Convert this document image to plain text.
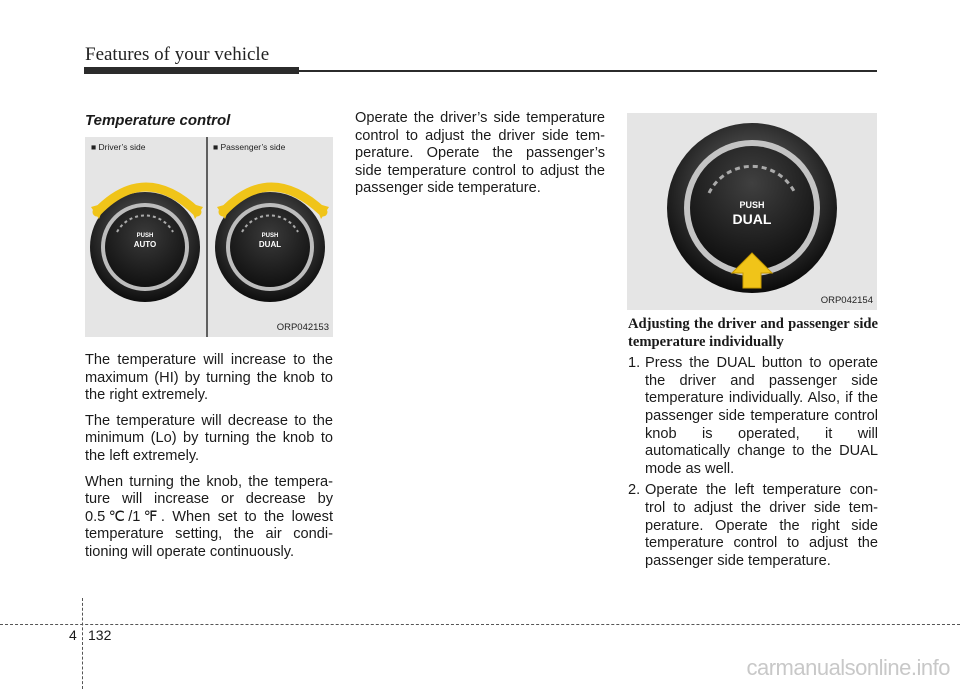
Features of your vehicle
Temperature control
PUSH
AUTO
PUSH
DUAL
■ Driver’s side	■ Passenger’s side
ORP042153

The temperature will increase to the maximum (HI) by turning the knob to the right extremely.

The temperature will decrease to the minimum (Lo) by turning the knob to the left extremely.

When turning the knob, the tempera-ture will increase or decrease by 0.5℃/1℉. When set to the lowest temperature setting, the air condi-tioning will operate continuously.

Operate the driver’s side temperature control to adjust the driver side tem-perature. Operate the passenger’s side temperature control to adjust the passenger side temperature.

PUSH
DUAL
ORP042154
Adjusting the driver and passenger side temperature individually
1. Press the DUAL button to operate the driver and passenger side temperature individually. Also, if the passenger side temperature control knob is operated, it will automatically change to the DUAL mode as well.
2. Operate the left temperature con-trol to adjust the driver side tem-perature. Operate the right side temperature control to adjust the passenger side temperature.
4 132
carmanualsonline.info
